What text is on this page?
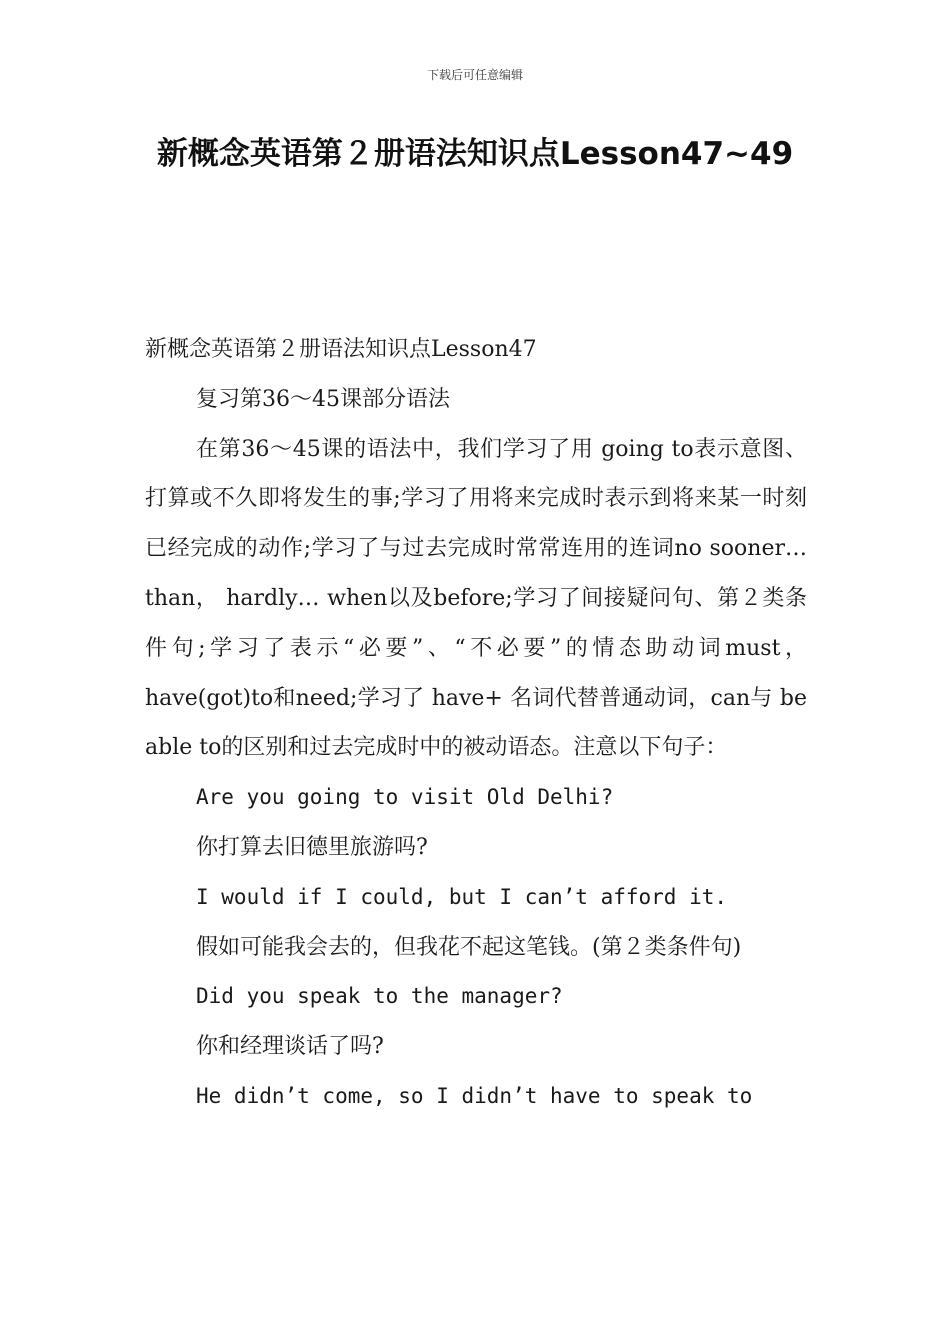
下载后可任意编辑
新概念英语第２册语法知识点Lesson47~49

新概念英语第２册语法知识点Lesson47

复习第36～45课部分语法

在第36～45课的语法中，我们学习了用 going to表示意图、打算或不久即将发生的事;学习了用将来完成时表示到将来某一时刻已经完成的动作;学习了与过去完成时常常连用的连词no sooner…than， hardly… when以及before;学习了间接疑问句、第２类条件句;学习了表示“必要”、“不必要”的情态助动词must，have(got)to和need;学习了 have+ 名词代替普通动词，can与 be able to的区别和过去完成时中的被动语态。注意以下句子：

Are you going to visit Old Delhi?

你打算去旧德里旅游吗?

I would if I could, but I can’t afford it.

假如可能我会去的，但我花不起这笔钱。(第２类条件句)

Did you speak to the manager?

你和经理谈话了吗?

He didn’t come, so I didn’t have to speak to
